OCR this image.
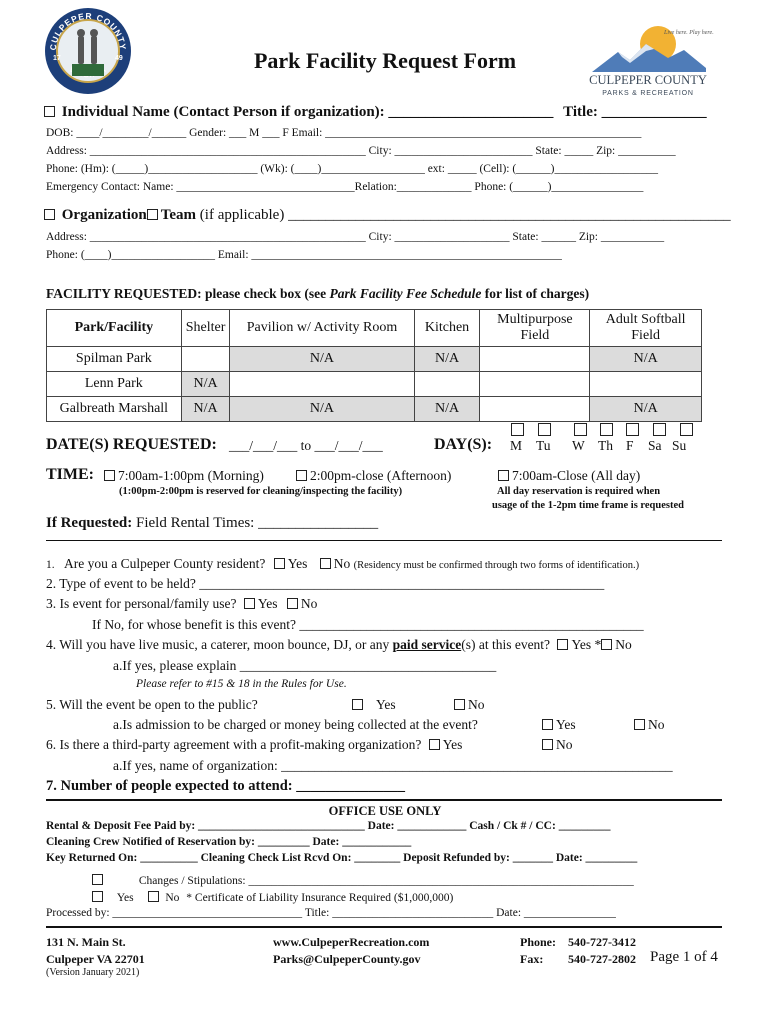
CULPEPER COUNTY
17	49
Live here. Play here.
CULPEPER COUNTY
PARKS & RECREATION
Park Facility Request Form
Individual Name (Contact Person if organization): ______________________ Title: ______________
DOB: ____/________/______ Gender: ___ M ___ F Email: _______________________________________________________
Address: ________________________________________________ City: ________________________ State: _____ Zip: __________
Phone: (Hm): (_____)___________________ (Wk): (____)__________________ ext: _____ (Cell): (______)__________________
Emergency Contact: Name: _______________________________Relation:_____________ Phone: (______)________________
Organization Team (if applicable) ___________________________________________________________
Address: ________________________________________________ City: ____________________ State: ______ Zip: ___________
Phone: (____)__________________ Email: ______________________________________________________
FACILITY REQUESTED: please check box (see Park Facility Fee Schedule for list of charges)
Park/Facility	Shelter	Pavilion w/ Activity Room	Kitchen	Multipurpose Field	Adult Softball Field
Spilman Park		N/A	N/A		N/A
Lenn Park	N/A				
Galbreath Marshall	N/A	N/A	N/A		N/A
DATE(S) REQUESTED: ___/___/___ to ___/___/___	DAY(S): M Tu W Th F Sa Su
TIME:	7:00am-1:00pm (Morning)	2:00pm-close (Afternoon)	7:00am-Close (All day)
(1:00pm-2:00pm is reserved for cleaning/inspecting the facility)	All day reservation is required when
usage of the 1-2pm time frame is requested
If Requested: Field Rental Times: ________________
1. Are you a Culpeper County resident? Yes No (Residency must be confirmed through two forms of identification.)
2. Type of event to be held? ____________________________________________________________
3. Is event for personal/family use? Yes No
If No, for whose benefit is this event? ___________________________________________________
4. Will you have live music, a caterer, moon bounce, DJ, or any paid service(s) at this event? Yes * No
a.If yes, please explain ______________________________________
Please refer to #15 & 18 in the Rules for Use.
5. Will the event be open to the public?	Yes	No
a.Is admission to be charged or money being collected at the event?	Yes	No
6. Is there a third-party agreement with a profit-making organization? Yes	No
a.If yes, name of organization: __________________________________________________________
7. Number of people expected to attend: _______________
OFFICE USE ONLY
Rental & Deposit Fee Paid by: _____________________________ Date: ____________ Cash / Ck # / CC: _________
Cleaning Crew Notified of Reservation by: _________ Date: ____________
Key Returned On: __________ Cleaning Check List Rcvd On: ________ Deposit Refunded by: _______ Date: _________
Changes / Stipulations: ___________________________________________________________________
Yes	No * Certificate of Liability Insurance Required ($1,000,000)
Processed by: _________________________________ Title: ____________________________ Date: ________________
131 N. Main St.
Culpeper VA 22701
(Version January 2021)
www.CulpeperRecreation.com
Parks@CulpeperCounty.gov
Phone: 540-727-3412
Fax: 540-727-2802 Page 1 of 4
